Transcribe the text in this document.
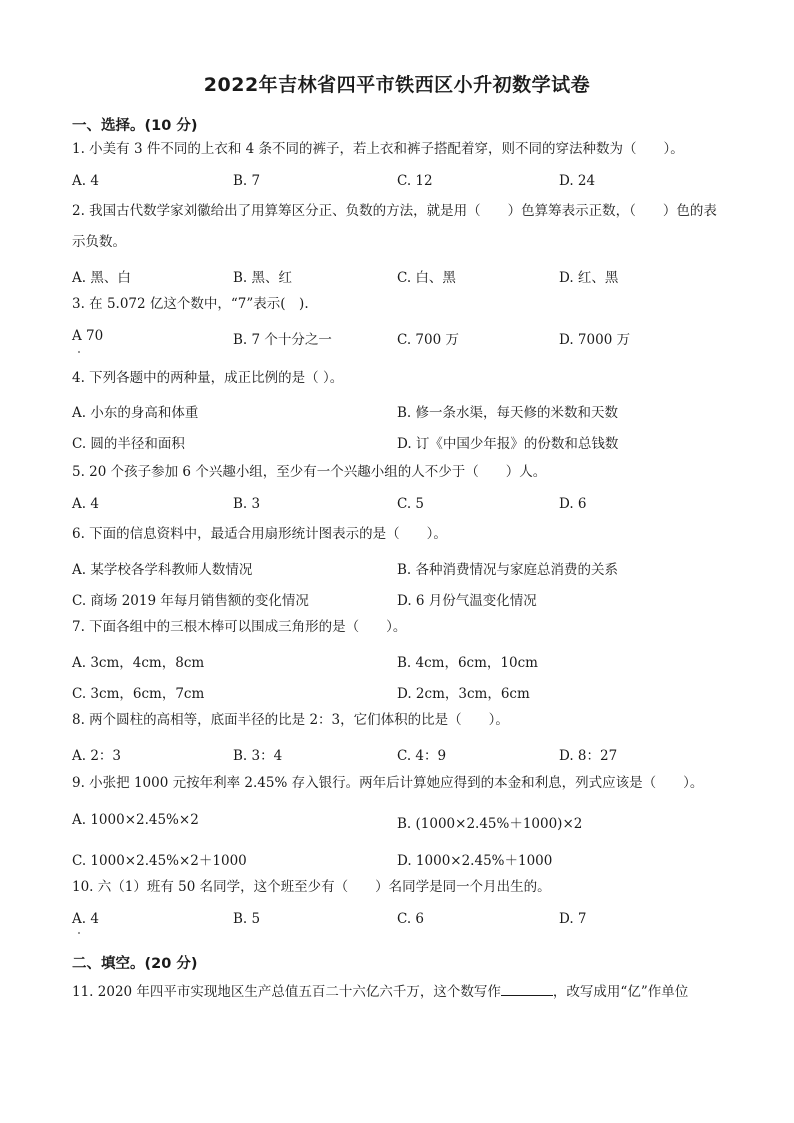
2022年吉林省四平市铁西区小升初数学试卷
一、选择。(10 分)
1. 小美有 3 件不同的上衣和 4 条不同的裤子，若上衣和裤子搭配着穿，则不同的穿法种数为（　　）。
A. 4	B. 7	C. 12	D. 24
2. 我国古代数学家刘徽给出了用算筹区分正、负数的方法，就是用（　　）色算筹表示正数，（　　）色的表示负数。
A. 黑、白	B. 黑、红	C. 白、黑	D. 红、黑
3. 在 5.072 亿这个数中，“7”表示(　).
A 70	B. 7 个十分之一	C. 700 万	D. 7000 万
4. 下列各题中的两种量，成正比例的是（ ）。
A. 小东的身高和体重	B. 修一条水渠，每天修的米数和天数
C. 圆的半径和面积	D. 订《中国少年报》的份数和总钱数
5. 20 个孩子参加 6 个兴趣小组，至少有一个兴趣小组的人不少于（　　）人。
A. 4	B. 3	C. 5	D. 6
6. 下面的信息资料中，最适合用扇形统计图表示的是（　　）。
A. 某学校各学科教师人数情况	B. 各种消费情况与家庭总消费的关系
C. 商场 2019 年每月销售额的变化情况	D. 6 月份气温变化情况
7. 下面各组中的三根木棒可以围成三角形的是（　　）。
A. 3cm，4cm，8cm	B. 4cm，6cm，10cm
C. 3cm，6cm，7cm	D. 2cm，3cm，6cm
8. 两个圆柱的高相等，底面半径的比是 2：3，它们体积的比是（　　）。
A. 2：3	B. 3：4	C. 4：9	D. 8：27
9. 小张把 1000 元按年利率 2.45% 存入银行。两年后计算她应得到的本金和利息，列式应该是（　　）。
A. 1000×2.45%×2	B. (1000×2.45%＋1000)×2
C. 1000×2.45%×2＋1000	D. 1000×2.45%＋1000
10. 六（1）班有 50 名同学，这个班至少有（　　）名同学是同一个月出生的。
A. 4	B. 5	C. 6	D. 7
二、填空。(20 分)
11. 2020 年四平市实现地区生产总值五百二十六亿六千万，这个数写作	，改写成用“亿”作单位
